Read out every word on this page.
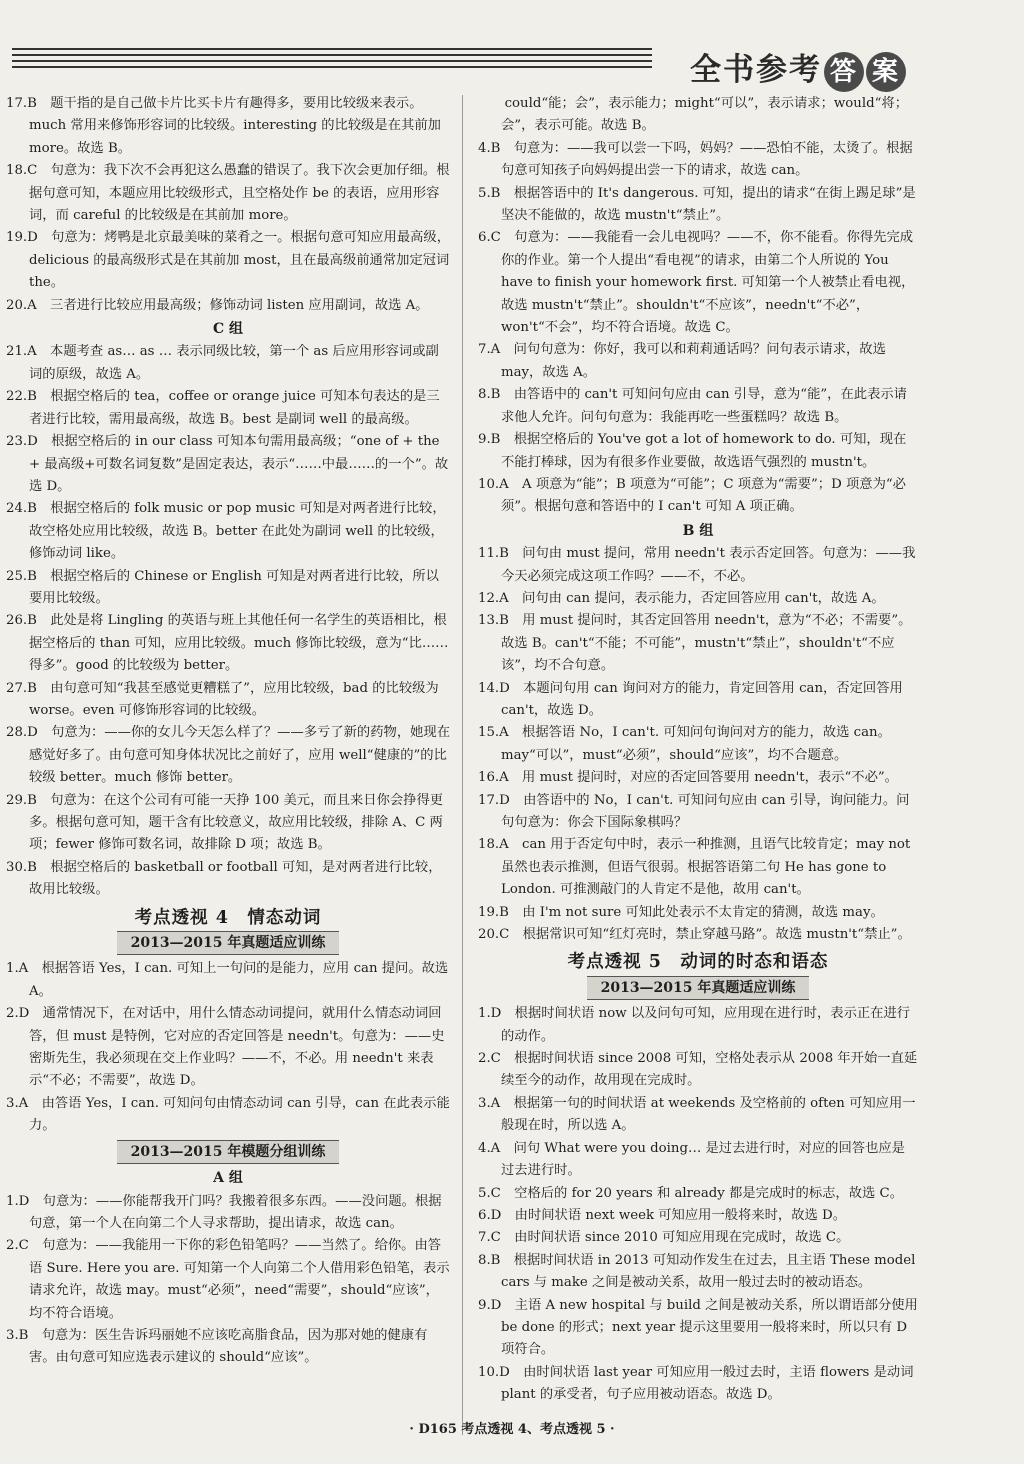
全书参考 答 案
17.B　题干指的是自己做卡片比买卡片有趣得多，要用比较级来表示。much 常用来修饰形容词的比较级。interesting 的比较级是在其前加 more。故选 B。
18.C　句意为：我下次不会再犯这么愚蠢的错误了。我下次会更加仔细。根据句意可知，本题应用比较级形式，且空格处作 be 的表语，应用形容词，而 careful 的比较级是在其前加 more。
19.D　句意为：烤鸭是北京最美味的菜肴之一。根据句意可知应用最高级，delicious 的最高级形式是在其前加 most，且在最高级前通常加定冠词 the。
20.A　三者进行比较应用最高级；修饰动词 listen 应用副词，故选 A。
C 组
21.A　本题考查 as… as … 表示同级比较，第一个 as 后应用形容词或副词的原级，故选 A。
22.B　根据空格后的 tea，coffee or orange juice 可知本句表达的是三者进行比较，需用最高级，故选 B。best 是副词 well 的最高级。
23.D　根据空格后的 in our class 可知本句需用最高级；“one of + the + 最高级+可数名词复数”是固定表达，表示“……中最……的一个”。故选 D。
24.B　根据空格后的 folk music or pop music 可知是对两者进行比较，故空格处应用比较级，故选 B。better 在此处为副词 well 的比较级，修饰动词 like。
25.B　根据空格后的 Chinese or English 可知是对两者进行比较，所以要用比较级。
26.B　此处是将 Lingling 的英语与班上其他任何一名学生的英语相比，根据空格后的 than 可知，应用比较级。much 修饰比较级，意为“比……得多”。good 的比较级为 better。
27.B　由句意可知“我甚至感觉更糟糕了”，应用比较级，bad 的比较级为 worse。even 可修饰形容词的比较级。
28.D　句意为：——你的女儿今天怎么样了？——多亏了新的药物，她现在感觉好多了。由句意可知身体状况比之前好了，应用 well“健康的”的比较级 better。much 修饰 better。
29.B　句意为：在这个公司有可能一天挣 100 美元，而且来日你会挣得更多。根据句意可知，题干含有比较意义，故应用比较级，排除 A、C 两项；fewer 修饰可数名词，故排除 D 项；故选 B。
30.B　根据空格后的 basketball or football 可知，是对两者进行比较，故用比较级。
考点透视 4　情态动词
2013—2015 年真题适应训练
1.A　根据答语 Yes，I can. 可知上一句问的是能力，应用 can 提问。故选 A。
2.D　通常情况下，在对话中，用什么情态动词提问，就用什么情态动词回答，但 must 是特例，它对应的否定回答是 needn't。句意为：——史密斯先生，我必须现在交上作业吗？——不，不必。用 needn't 来表示“不必；不需要”，故选 D。
3.A　由答语 Yes，I can. 可知问句由情态动词 can 引导，can 在此表示能力。
2013—2015 年模题分组训练
A 组
1.D　句意为：——你能帮我开门吗？我搬着很多东西。——没问题。根据句意，第一个人在向第二个人寻求帮助，提出请求，故选 can。
2.C　句意为：——我能用一下你的彩色铅笔吗？——当然了。给你。由答语 Sure. Here you are. 可知第一个人向第二个人借用彩色铅笔，表示请求允许，故选 may。must“必须”，need“需要”，should“应该”，均不符合语境。
3.B　句意为：医生告诉玛丽她不应该吃高脂食品，因为那对她的健康有害。由句意可知应选表示建议的 should“应该”。
　　could“能；会”，表示能力；might“可以”，表示请求；would“将；会”，表示可能。故选 B。
4.B　句意为：——我可以尝一下吗，妈妈？——恐怕不能，太烫了。根据句意可知孩子向妈妈提出尝一下的请求，故选 can。
5.B　根据答语中的 It's dangerous. 可知，提出的请求“在街上踢足球”是坚决不能做的，故选 mustn't“禁止”。
6.C　句意为：——我能看一会儿电视吗？——不，你不能看。你得先完成你的作业。第一个人提出“看电视”的请求，由第二个人所说的 You have to finish your homework first. 可知第一个人被禁止看电视，故选 mustn't“禁止”。shouldn't“不应该”，needn't“不必”，won't“不会”，均不符合语境。故选 C。
7.A　问句句意为：你好，我可以和莉莉通话吗？问句表示请求，故选 may，故选 A。
8.B　由答语中的 can't 可知问句应由 can 引导，意为“能”，在此表示请求他人允许。问句句意为：我能再吃一些蛋糕吗？故选 B。
9.B　根据空格后的 You've got a lot of homework to do. 可知，现在不能打棒球，因为有很多作业要做，故选语气强烈的 mustn't。
10.A　A 项意为“能”；B 项意为“可能”；C 项意为“需要”；D 项意为“必须”。根据句意和答语中的 I can't 可知 A 项正确。
B 组
11.B　问句由 must 提问，常用 needn't 表示否定回答。句意为：——我今天必须完成这项工作吗？——不，不必。
12.A　问句由 can 提问，表示能力，否定回答应用 can't，故选 A。
13.B　用 must 提问时，其否定回答用 needn't，意为“不必；不需要”。故选 B。can't“不能；不可能”，mustn't“禁止”，shouldn't“不应该”，均不合句意。
14.D　本题问句用 can 询问对方的能力，肯定回答用 can，否定回答用 can't，故选 D。
15.A　根据答语 No，I can't. 可知问句询问对方的能力，故选 can。may“可以”，must“必须”，should“应该”，均不合题意。
16.A　用 must 提问时，对应的否定回答要用 needn't，表示“不必”。
17.D　由答语中的 No，I can't. 可知问句应由 can 引导，询问能力。问句句意为：你会下国际象棋吗？
18.A　can 用于否定句中时，表示一种推测，且语气比较肯定；may not 虽然也表示推测，但语气很弱。根据答语第二句 He has gone to London. 可推测敲门的人肯定不是他，故用 can't。
19.B　由 I'm not sure 可知此处表示不太肯定的猜测，故选 may。
20.C　根据常识可知“红灯亮时，禁止穿越马路”。故选 mustn't“禁止”。
考点透视 5　动词的时态和语态
2013—2015 年真题适应训练
1.D　根据时间状语 now 以及问句可知，应用现在进行时，表示正在进行的动作。
2.C　根据时间状语 since 2008 可知，空格处表示从 2008 年开始一直延续至今的动作，故用现在完成时。
3.A　根据第一句的时间状语 at weekends 及空格前的 often 可知应用一般现在时，所以选 A。
4.A　问句 What were you doing… 是过去进行时，对应的回答也应是过去进行时。
5.C　空格后的 for 20 years 和 already 都是完成时的标志，故选 C。
6.D　由时间状语 next week 可知应用一般将来时，故选 D。
7.C　由时间状语 since 2010 可知应用现在完成时，故选 C。
8.B　根据时间状语 in 2013 可知动作发生在过去，且主语 These model cars 与 make 之间是被动关系，故用一般过去时的被动语态。
9.D　主语 A new hospital 与 build 之间是被动关系，所以谓语部分使用 be done 的形式；next year 提示这里要用一般将来时，所以只有 D 项符合。
10.D　由时间状语 last year 可知应用一般过去时，主语 flowers 是动词 plant 的承受者，句子应用被动语态。故选 D。
· D165 考点透视 4、考点透视 5 ·
